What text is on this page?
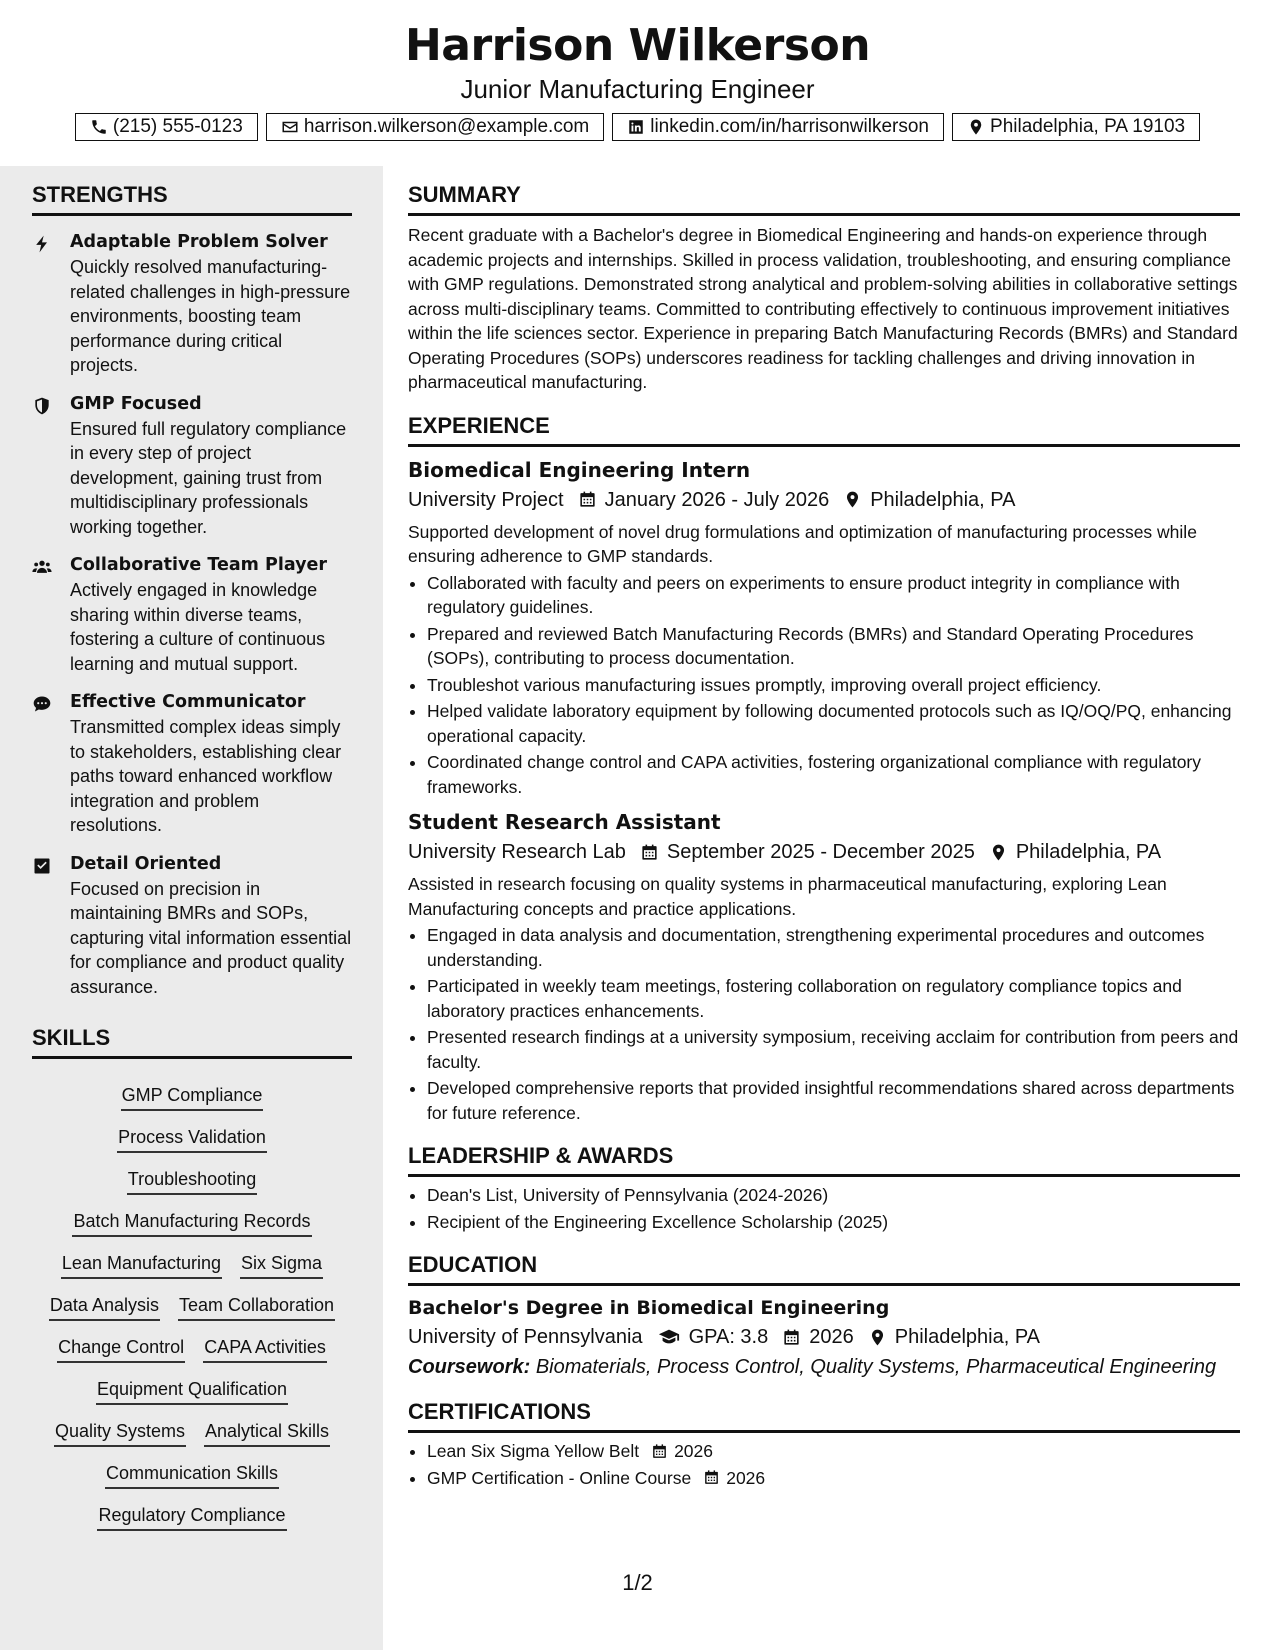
Harrison Wilkerson
Junior Manufacturing Engineer
(215) 555-0123	harrison.wilkerson@example.com	linkedin.com/in/harrisonwilkerson	Philadelphia, PA 19103
STRENGTHS
Adaptable Problem Solver
Quickly resolved manufacturing-related challenges in high-pressure environments, boosting team performance during critical projects.
GMP Focused
Ensured full regulatory compliance in every step of project development, gaining trust from multidisciplinary professionals working together.
Collaborative Team Player
Actively engaged in knowledge sharing within diverse teams, fostering a culture of continuous learning and mutual support.
Effective Communicator
Transmitted complex ideas simply to stakeholders, establishing clear paths toward enhanced workflow integration and problem resolutions.
Detail Oriented
Focused on precision in maintaining BMRs and SOPs, capturing vital information essential for compliance and product quality assurance.
SKILLS
GMP Compliance
Process Validation
Troubleshooting
Batch Manufacturing Records
Lean Manufacturing Six Sigma
Data Analysis Team Collaboration
Change Control CAPA Activities
Equipment Qualification
Quality Systems Analytical Skills
Communication Skills
Regulatory Compliance
SUMMARY
Recent graduate with a Bachelor's degree in Biomedical Engineering and hands-on experience through academic projects and internships. Skilled in process validation, troubleshooting, and ensuring compliance with GMP regulations. Demonstrated strong analytical and problem-solving abilities in collaborative settings across multi-disciplinary teams. Committed to contributing effectively to continuous improvement initiatives within the life sciences sector. Experience in preparing Batch Manufacturing Records (BMRs) and Standard Operating Procedures (SOPs) underscores readiness for tackling challenges and driving innovation in pharmaceutical manufacturing.
EXPERIENCE
Biomedical Engineering Intern
University Project January 2026 - July 2026 Philadelphia, PA
Supported development of novel drug formulations and optimization of manufacturing processes while ensuring adherence to GMP standards.
• Collaborated with faculty and peers on experiments to ensure product integrity in compliance with regulatory guidelines.
• Prepared and reviewed Batch Manufacturing Records (BMRs) and Standard Operating Procedures (SOPs), contributing to process documentation.
• Troubleshot various manufacturing issues promptly, improving overall project efficiency.
• Helped validate laboratory equipment by following documented protocols such as IQ/OQ/PQ, enhancing operational capacity.
• Coordinated change control and CAPA activities, fostering organizational compliance with regulatory frameworks.
Student Research Assistant
University Research Lab September 2025 - December 2025 Philadelphia, PA
Assisted in research focusing on quality systems in pharmaceutical manufacturing, exploring Lean Manufacturing concepts and practice applications.
• Engaged in data analysis and documentation, strengthening experimental procedures and outcomes understanding.
• Participated in weekly team meetings, fostering collaboration on regulatory compliance topics and laboratory practices enhancements.
• Presented research findings at a university symposium, receiving acclaim for contribution from peers and faculty.
• Developed comprehensive reports that provided insightful recommendations shared across departments for future reference.
LEADERSHIP & AWARDS
• Dean's List, University of Pennsylvania (2024-2026)
• Recipient of the Engineering Excellence Scholarship (2025)
EDUCATION
Bachelor's Degree in Biomedical Engineering
University of Pennsylvania GPA: 3.8 2026 Philadelphia, PA
Coursework: Biomaterials, Process Control, Quality Systems, Pharmaceutical Engineering
CERTIFICATIONS
• Lean Six Sigma Yellow Belt 2026
• GMP Certification - Online Course 2026
1/2
